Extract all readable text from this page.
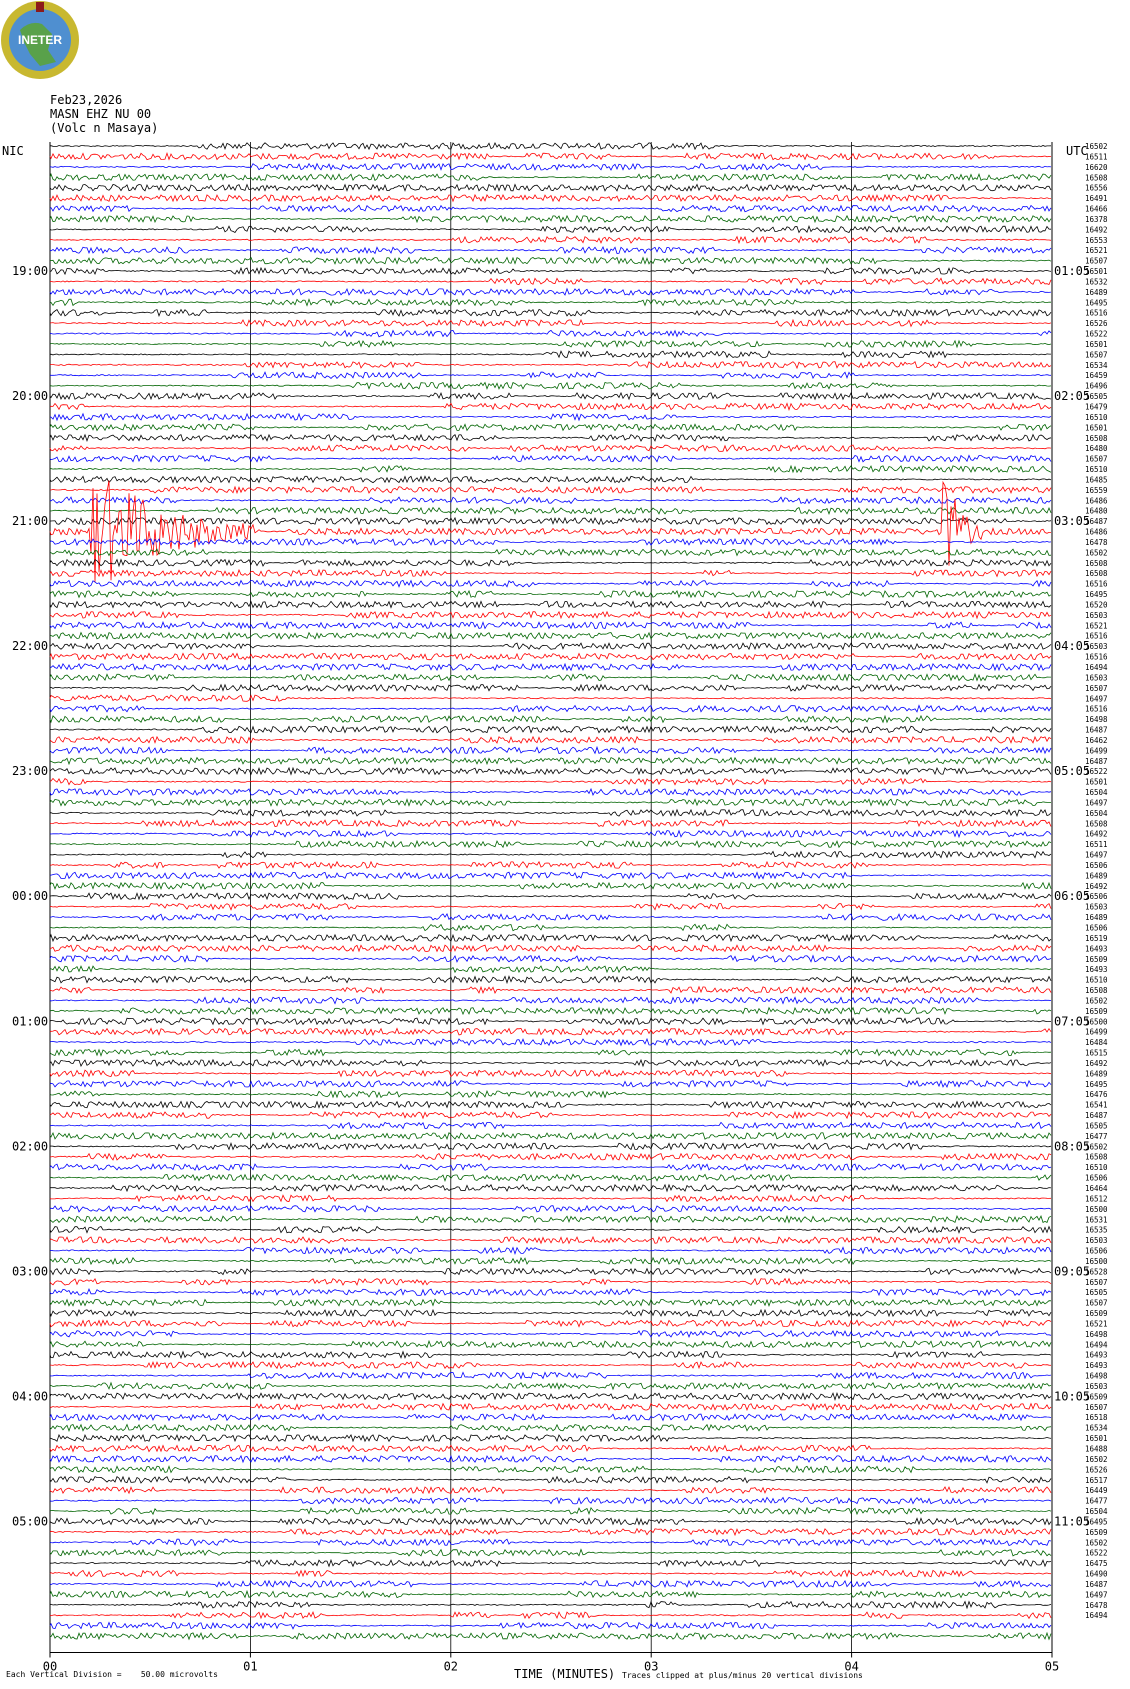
INETER
Feb23,2026
MASN EHZ NU 00
(Volc n Masaya)
00	01	02	03	04	05
NIC	UTC
19:00	01:05
20:00	02:05
21:00	03:05
22:00	04:05
23:00	05:05
00:00	06:05
01:00	07:05
02:00	08:05
03:00	09:05
04:00	10:05
05:00	11:05
16502
16511
16620
16508
16556
16491
16466
16378
16492
16553
16521
16507
16501
16532
16489
16495
16516
16526
16522
16501
16507
16534
16459
16496
16505
16479
16510
16501
16508
16480
16507
16510
16485
16559
16486
16480
16487
16486
16478
16502
16508
16508
16516
16495
16520
16503
16521
16516
16503
16516
16494
16503
16507
16497
16516
16498
16487
16462
16499
16487
16522
16501
16504
16497
16504
16508
16492
16511
16497
16506
16489
16492
16506
16503
16489
16506
16519
16493
16509
16493
16510
16508
16502
16509
16500
16499
16484
16515
16492
16489
16495
16476
16541
16487
16505
16477
16502
16508
16510
16506
16464
16512
16500
16531
16535
16503
16506
16500
16528
16507
16505
16507
16509
16521
16498
16494
16493
16493
16498
16503
16509
16507
16518
16534
16501
16488
16502
16526
16517
16449
16477
16504
16495
16509
16502
16522
16475
16490
16487
16497
16478
16494
Each Vertical Division =    50.00 microvolts	TIME (MINUTES) Traces clipped at plus/minus 20 vertical divisions
